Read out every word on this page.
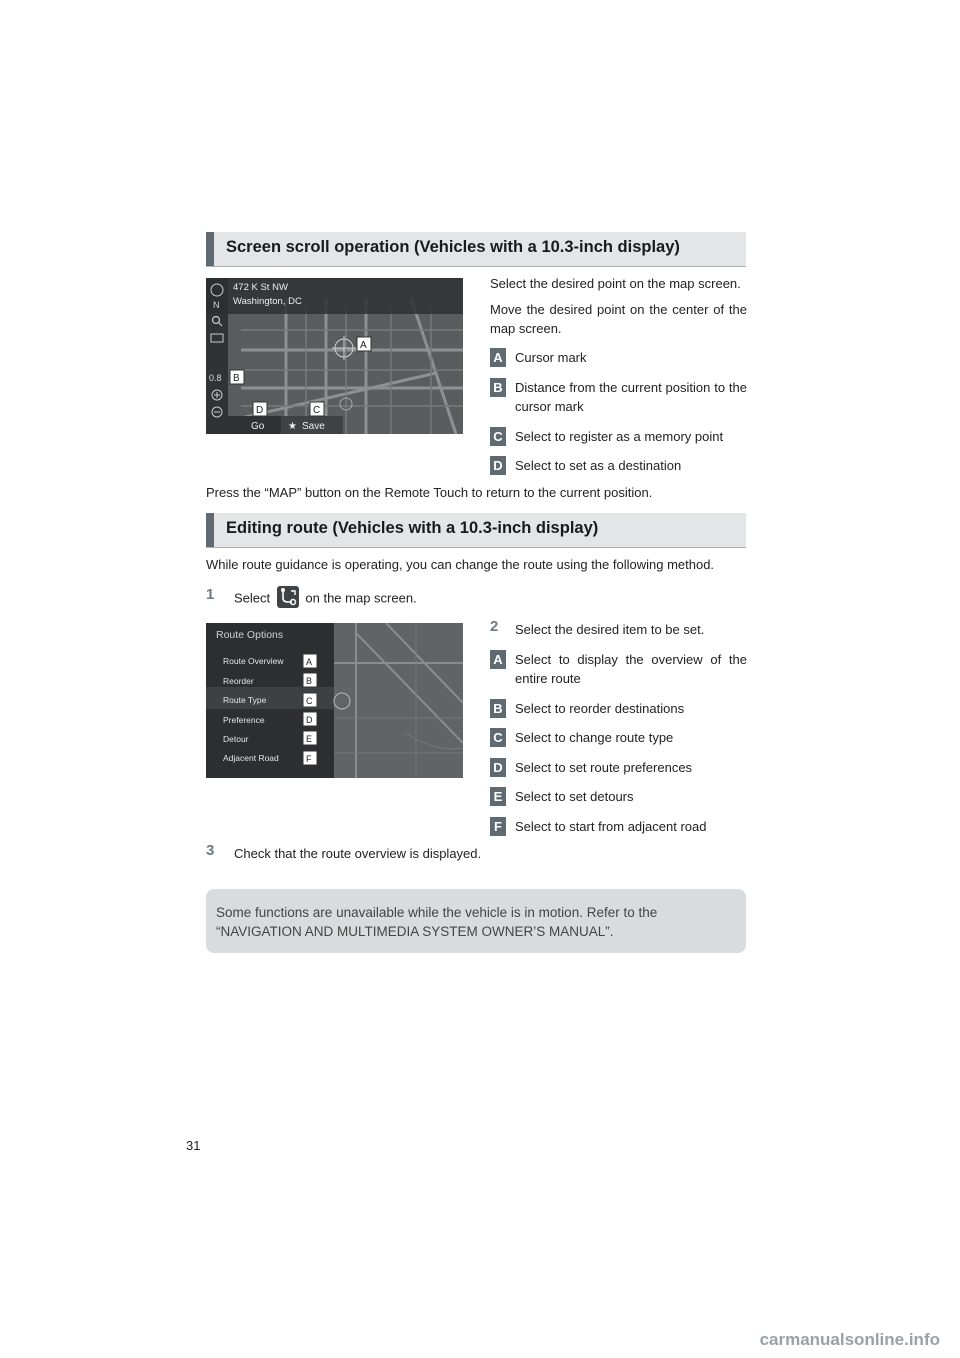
Screen scroll operation (Vehicles with a 10.3-inch display)
N
0.8
472 K St NW
Washington, DC
Go ★ Save
A
B
D	C
Select the desired point on the map screen.
Move the desired point on the center of the map screen.
A Cursor mark
B Distance from the current position to the cursor mark
C Select to register as a memory point
D Select to set as a destination
Press the “MAP” button on the Remote Touch to return to the current position.
Editing route (Vehicles with a 10.3-inch display)
While route guidance is operating, you can change the route using the following method.
1 Select	on the map screen.
Route Options
Route Overview
Reorder
Route Type
Preference
Detour
Adjacent Road
A
B
C
D
E
F
2 Select the desired item to be set.
A Select to display the overview of the entire route
B Select to reorder destinations
C Select to change route type
D Select to set route preferences
E Select to set detours
F	Select to start from adjacent road
3 Check that the route overview is displayed.
Some functions are unavailable while the vehicle is in motion. Refer to the “NAVIGATION AND MULTIMEDIA SYSTEM OWNER’S MANUAL”.
31
carmanualsonline.info
